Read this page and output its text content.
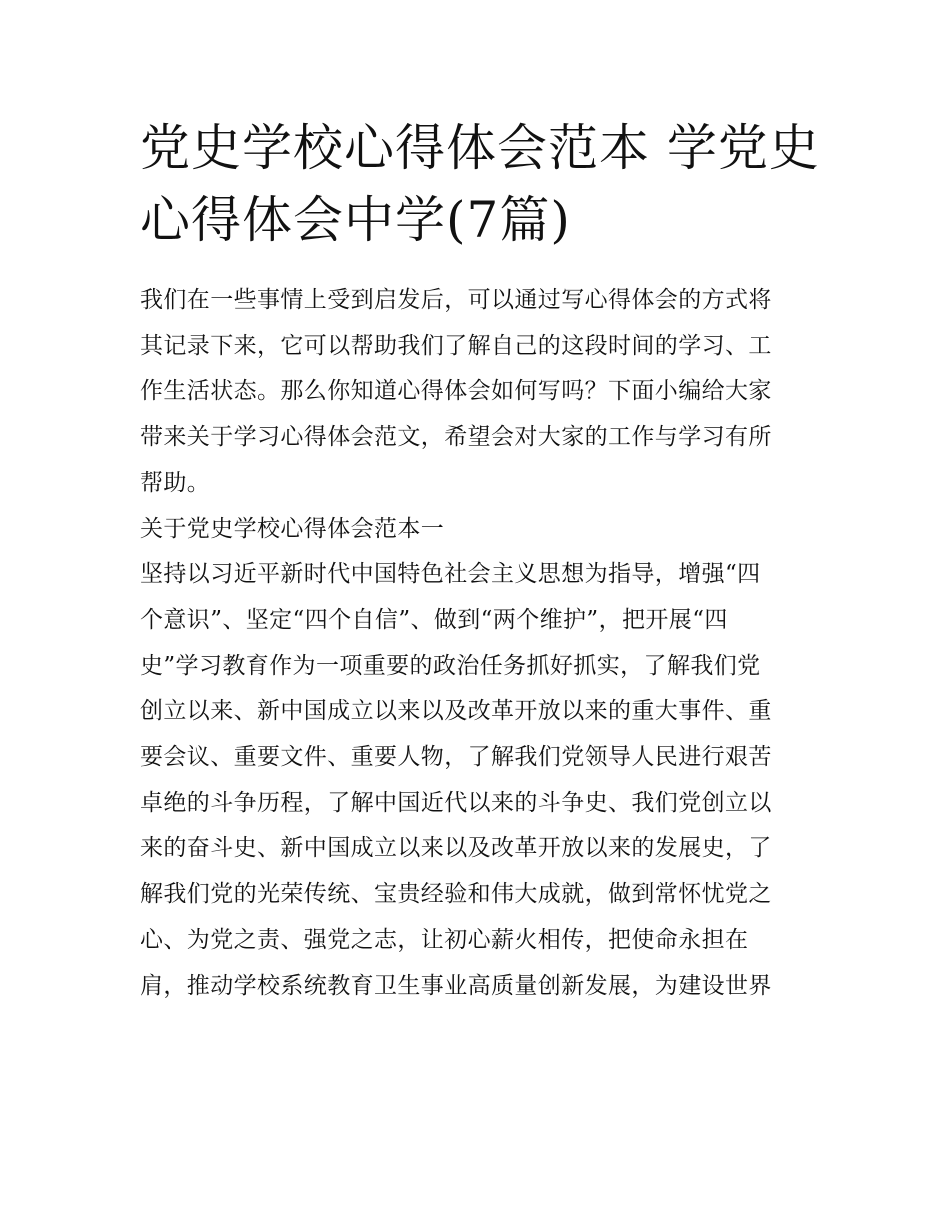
党史学校心得体会范本 学党史
心得体会中学(7篇)
我们在一些事情上受到启发后，可以通过写心得体会的方式将
其记录下来，它可以帮助我们了解自己的这段时间的学习、工
作生活状态。那么你知道心得体会如何写吗？下面小编给大家
带来关于学习心得体会范文，希望会对大家的工作与学习有所
帮助。
关于党史学校心得体会范本一
坚持以习近平新时代中国特色社会主义思想为指导，增强“四
个意识”、坚定“四个自信”、做到“两个维护”，把开展“四
史”学习教育作为一项重要的政治任务抓好抓实，了解我们党
创立以来、新中国成立以来以及改革开放以来的重大事件、重
要会议、重要文件、重要人物，了解我们党领导人民进行艰苦
卓绝的斗争历程，了解中国近代以来的斗争史、我们党创立以
来的奋斗史、新中国成立以来以及改革开放以来的发展史，了
解我们党的光荣传统、宝贵经验和伟大成就，做到常怀忧党之
心、为党之责、强党之志，让初心薪火相传，把使命永担在
肩，推动学校系统教育卫生事业高质量创新发展，为建设世界
